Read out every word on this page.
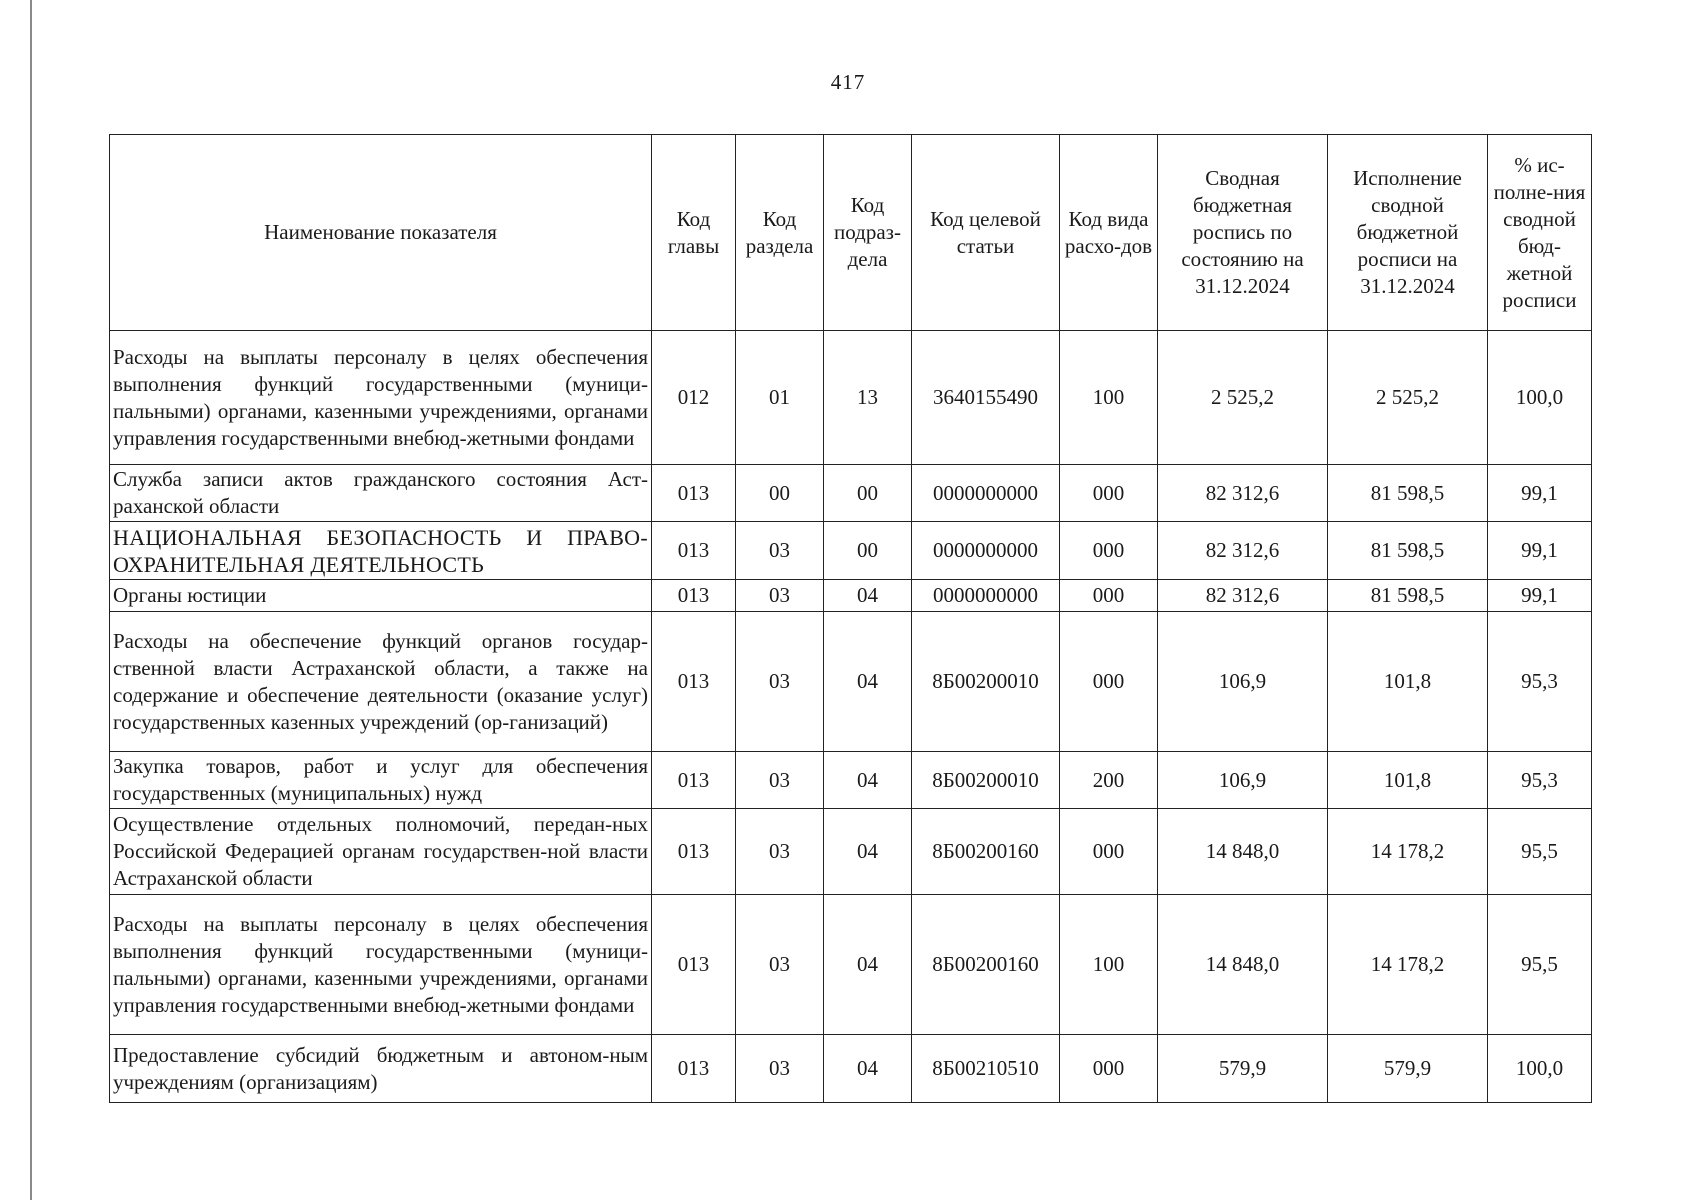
417
Наименование показателя	Код главы	Код раздела	Код подраз-дела	Код целевой статьи	Код вида расхо-дов	Сводная бюджетная роспись по состоянию на 31.12.2024	Исполнение сводной бюджетной росписи на 31.12.2024	% ис-полне-ния сводной бюд-жетной росписи
Расходы на выплаты персоналу в целях обеспечения выполнения функций государственными (муници-пальными) органами, казенными учреждениями, органами управления государственными внебюд-жетными фондами	012	01	13	3640155490	100	2 525,2	2 525,2	100,0
Служба записи актов гражданского состояния Аст-раханской области	013	00	00	0000000000	000	82 312,6	81 598,5	99,1
НАЦИОНАЛЬНАЯ БЕЗОПАСНОСТЬ И ПРАВО-ОХРАНИТЕЛЬНАЯ ДЕЯТЕЛЬНОСТЬ	013	03	00	0000000000	000	82 312,6	81 598,5	99,1
Органы юстиции	013	03	04	0000000000	000	82 312,6	81 598,5	99,1
Расходы на обеспечение функций органов государ-ственной власти Астраханской области, а также на содержание и обеспечение деятельности (оказание услуг) государственных казенных учреждений (ор-ганизаций)	013	03	04	8Б00200010	000	106,9	101,8	95,3
Закупка товаров, работ и услуг для обеспечения государственных (муниципальных) нужд	013	03	04	8Б00200010	200	106,9	101,8	95,3
Осуществление отдельных полномочий, передан-ных Российской Федерацией органам государствен-ной власти Астраханской области	013	03	04	8Б00200160	000	14 848,0	14 178,2	95,5
Расходы на выплаты персоналу в целях обеспечения выполнения функций государственными (муници-пальными) органами, казенными учреждениями, органами управления государственными внебюд-жетными фондами	013	03	04	8Б00200160	100	14 848,0	14 178,2	95,5
Предоставление субсидий бюджетным и автоном-ным учреждениям (организациям)	013	03	04	8Б00210510	000	579,9	579,9	100,0
